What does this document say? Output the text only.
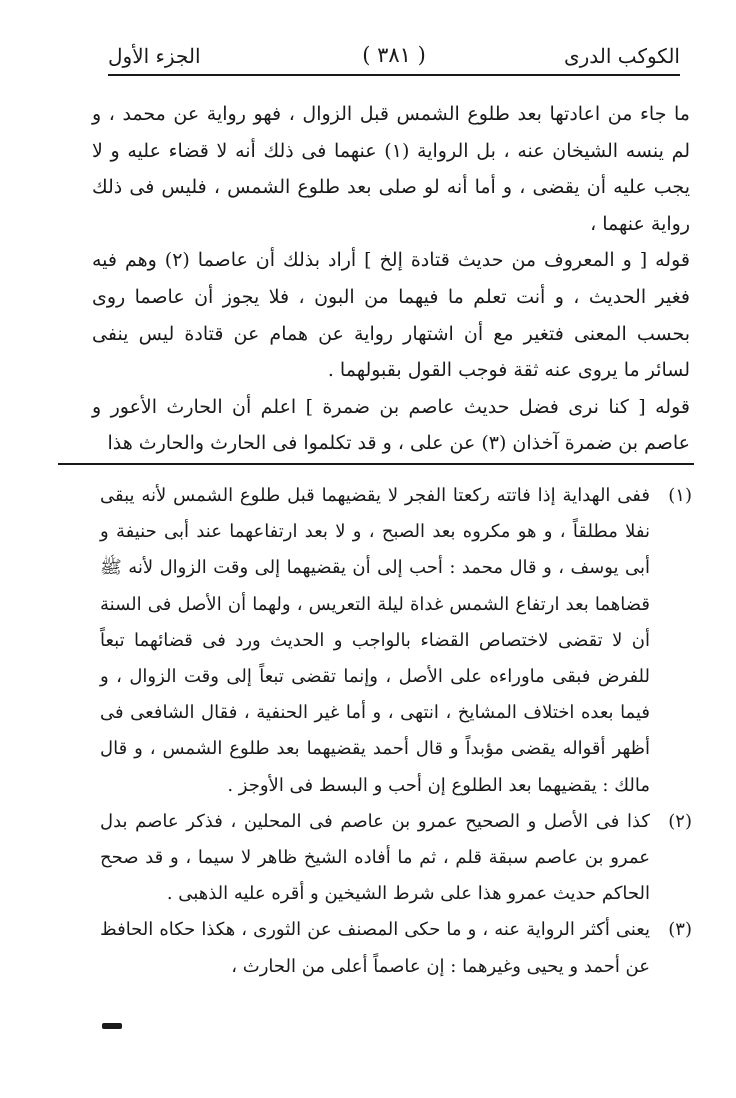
الكوكب الدرى
( ٣٨١ )
الجزء الأول

ما جاء من اعادتها بعد طلوع الشمس قبل الزوال ، فهو رواية عن محمد ، و لم ينسه الشيخان عنه ، بل الرواية (١) عنهما فى ذلك أنه لا قضاء عليه و لا يجب عليه أن يقضى ، و أما أنه لو صلى بعد طلوع الشمس ، فليس فى ذلك رواية عنهما ،

قوله [ و المعروف من حديث قتادة إلخ ] أراد بذلك أن عاصما (٢) وهم فيه فغير الحديث ، و أنت تعلم ما فيهما من البون ، فلا يجوز أن عاصما روى بحسب المعنى فتغير مع أن اشتهار رواية عن همام عن قتادة ليس ينفى لسائر ما يروى عنه ثقة فوجب القول بقبولهما .

قوله [ كنا نرى فضل حديث عاصم بن ضمرة ] اعلم أن الحارث الأعور و عاصم بن ضمرة آخذان (٣) عن على ، و قد تكلموا فى الحارث والحارث هذا

(١)
ففى الهداية إذا فاتته ركعتا الفجر لا يقضيهما قبل طلوع الشمس لأنه يبقى نفلا مطلقاً ، و هو مكروه بعد الصبح ، و لا بعد ارتفاعهما عند أبى حنيفة و أبى يوسف ، و قال محمد : أحب إلى أن يقضيهما إلى وقت الزوال لأنه ﷺ قضاهما بعد ارتفاع الشمس غداة ليلة التعريس ، ولهما أن الأصل فى السنة أن لا تقضى لاختصاص القضاء بالواجب و الحديث ورد فى قضائهما تبعاً للفرض فبقى ماوراءه على الأصل ، وإنما تقضى تبعاً إلى وقت الزوال ، و فيما بعده اختلاف المشايخ ، انتهى ، و أما غير الحنفية ، فقال الشافعى فى أظهر أقواله يقضى مؤبداً و قال أحمد يقضيهما بعد طلوع الشمس ، و قال مالك : يقضيهما بعد الطلوع إن أحب و البسط فى الأوجز .
(٢)
كذا فى الأصل و الصحيح عمرو بن عاصم فى المحلين ، فذكر عاصم بدل عمرو بن عاصم سبقة قلم ، ثم ما أفاده الشيخ ظاهر لا سيما ، و قد صحح الحاكم حديث عمرو هذا على شرط الشيخين و أقره عليه الذهبى .
(٣)
يعنى أكثر الرواية عنه ، و ما حكى المصنف عن الثورى ، هكذا حكاه الحافظ عن أحمد و يحيى وغيرهما : إن عاصماً أعلى من الحارث ،
